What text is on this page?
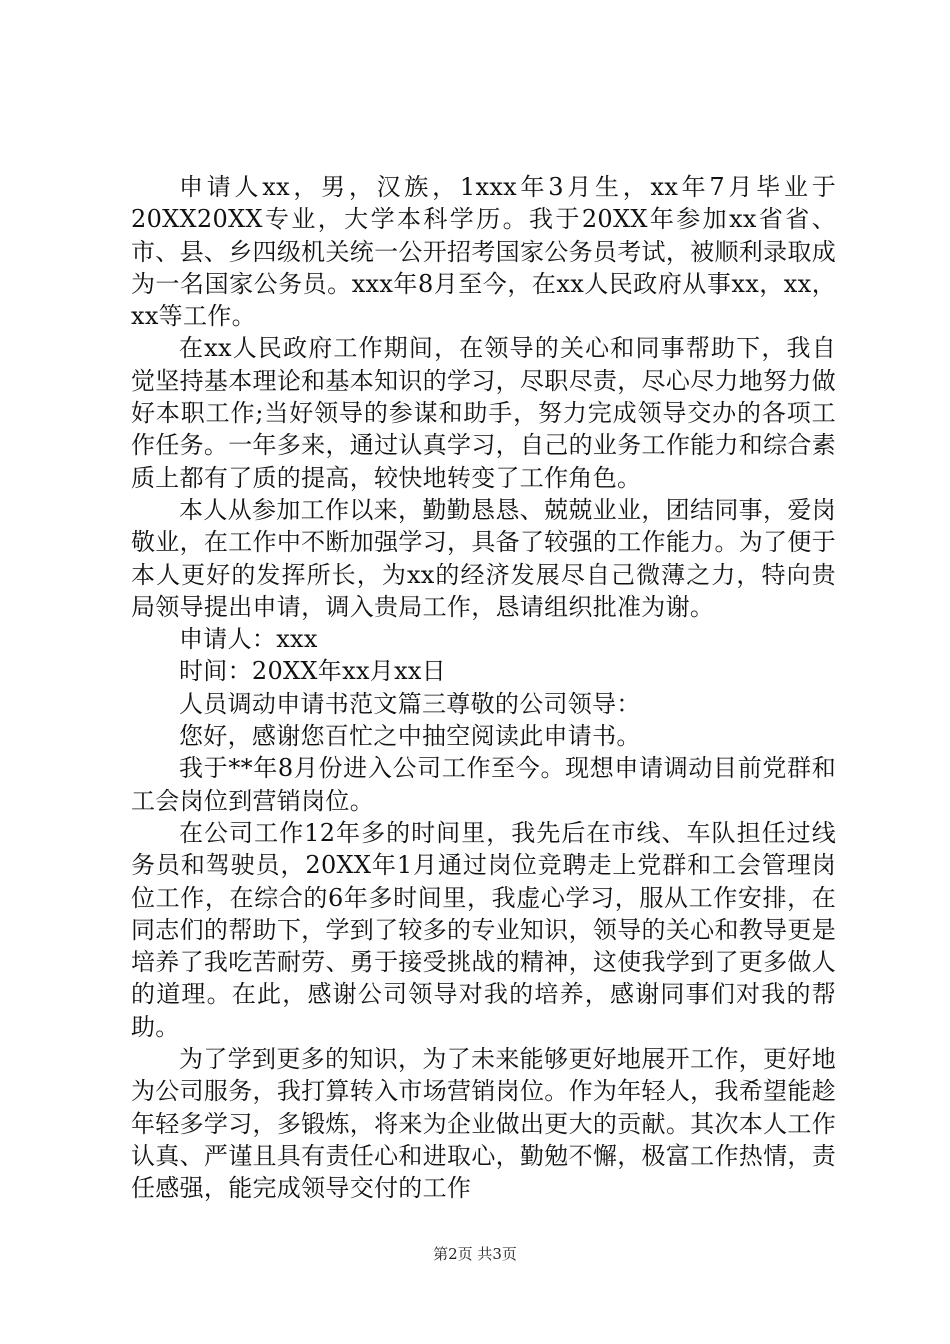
申请人xx，男，汉族，1xxx年3月生，xx年7月毕业于20XX20XX专业，大学本科学历。我于20XX年参加xx省省、市、县、乡四级机关统一公开招考国家公务员考试，被顺利录取成为一名国家公务员。xxx年8月至今，在xx人民政府从事xx，xx，xx等工作。

在xx人民政府工作期间，在领导的关心和同事帮助下，我自觉坚持基本理论和基本知识的学习，尽职尽责，尽心尽力地努力做好本职工作;当好领导的参谋和助手，努力完成领导交办的各项工作任务。一年多来，通过认真学习，自己的业务工作能力和综合素质上都有了质的提高，较快地转变了工作角色。

本人从参加工作以来，勤勤恳恳、兢兢业业，团结同事，爱岗敬业，在工作中不断加强学习，具备了较强的工作能力。为了便于本人更好的发挥所长，为xx的经济发展尽自己微薄之力，特向贵局领导提出申请，调入贵局工作，恳请组织批准为谢。

申请人：xxx

时间：20XX年xx月xx日

人员调动申请书范文篇三尊敬的公司领导：

您好，感谢您百忙之中抽空阅读此申请书。

我于**年8月份进入公司工作至今。现想申请调动目前党群和工会岗位到营销岗位。

在公司工作12年多的时间里，我先后在市线、车队担任过线务员和驾驶员，20XX年1月通过岗位竞聘走上党群和工会管理岗位工作，在综合的6年多时间里，我虚心学习，服从工作安排，在同志们的帮助下，学到了较多的专业知识，领导的关心和教导更是培养了我吃苦耐劳、勇于接受挑战的精神，这使我学到了更多做人的道理。在此，感谢公司领导对我的培养，感谢同事们对我的帮助。

为了学到更多的知识，为了未来能够更好地展开工作，更好地为公司服务，我打算转入市场营销岗位。作为年轻人，我希望能趁年轻多学习，多锻炼，将来为企业做出更大的贡献。其次本人工作认真、严谨且具有责任心和进取心，勤勉不懈，极富工作热情，责任感强，能完成领导交付的工作

第2页 共3页
